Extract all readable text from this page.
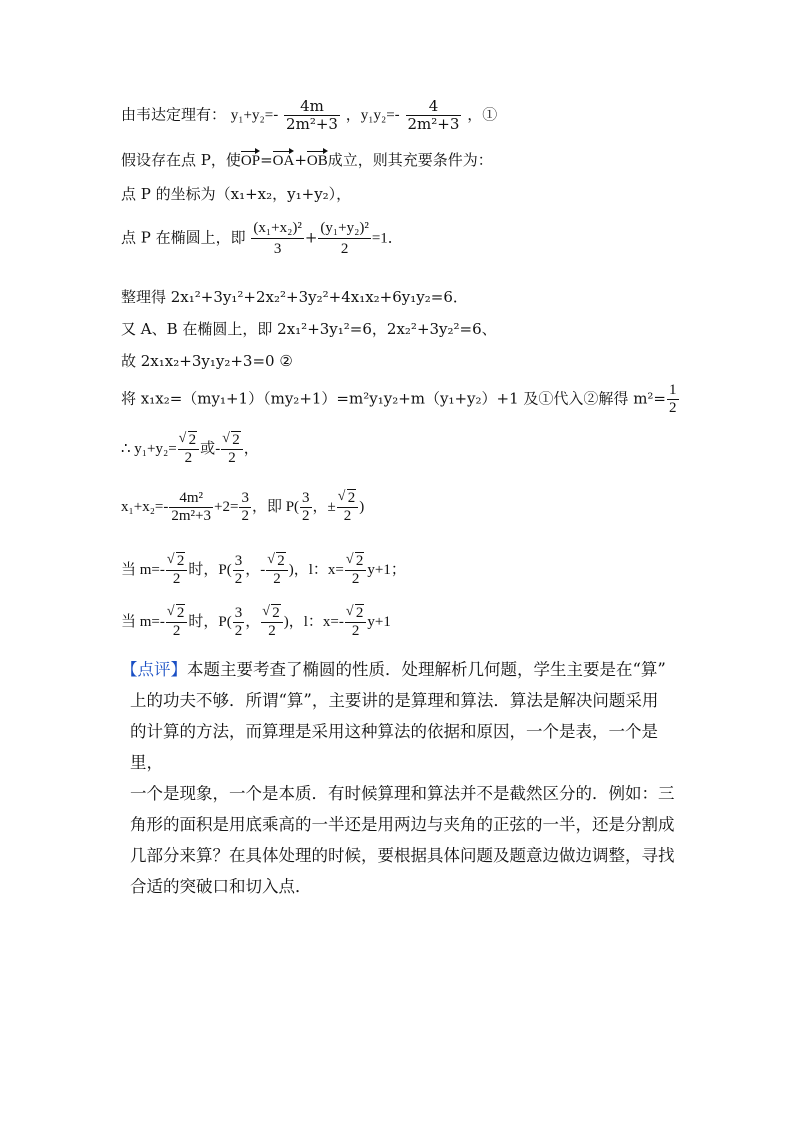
由韦达定理有： $y_1+y_2=- \frac{4m}{\text{2m²+3}}$ ，$y_1y_2=- \frac{4}{\text{2m²+3}}$ ，①
假设存在点 P，使OP=OA+OB成立，则其充要条件为：
点 P 的坐标为（x₁+x₂，y₁+y₂），
点 P 在椭圆上，即 $\frac{\text{(x₁+x₂)²}}{3} + \frac{\text{(y₁+y₂)²}}{2} =1$．
整理得 2x₁²+3y₁²+2x₂²+3y₂²+4x₁x₂+6y₁y₂=6．
又 A、B 在椭圆上，即 2x₁²+3y₁²=6，2x₂²+3y₂²=6、
故 2x₁x₂+3y₁y₂+3=0 ②
将 x₁x₂=（my₁+1）（my₂+1）=m²y₁y₂+m（y₁+y₂）+1 及①代入②解得 $m^2= \frac{1}{2}$
∴ y₁+y₂= √ $\frac{2}{2}$ 或- √ $\frac{2}{2}$ ，
$x_1+x_2=- \frac{\text{4m²}}{\text{2m²+3}} +2= \frac{3}{2}$ ，即 $P( \frac{3}{2}$ ，± √ $\frac{2}{2}$ )
当 m=- √ $\frac{2}{2}$ 时，$P( \frac{3}{2}$ ，- √ $\frac{2}{2}$ )，l：x= √ $\frac{2}{2} y+1$；
当 m=- √ $\frac{2}{2}$ 时，$P( \frac{3}{2}$ ， √ $\frac{2}{2}$ )，l：x=- √ $\frac{2}{2} y+1$

【点评】本题主要考查了椭圆的性质．处理解析几何题，学生主要是在“算”

上的功夫不够．所谓“算”，主要讲的是算理和算法．算法是解决问题采用

的计算的方法，而算理是采用这种算法的依据和原因，一个是表，一个是里，

一个是现象，一个是本质．有时候算理和算法并不是截然区分的．例如：三

角形的面积是用底乘高的一半还是用两边与夹角的正弦的一半，还是分割成

几部分来算？在具体处理的时候，要根据具体问题及题意边做边调整，寻找

合适的突破口和切入点．
